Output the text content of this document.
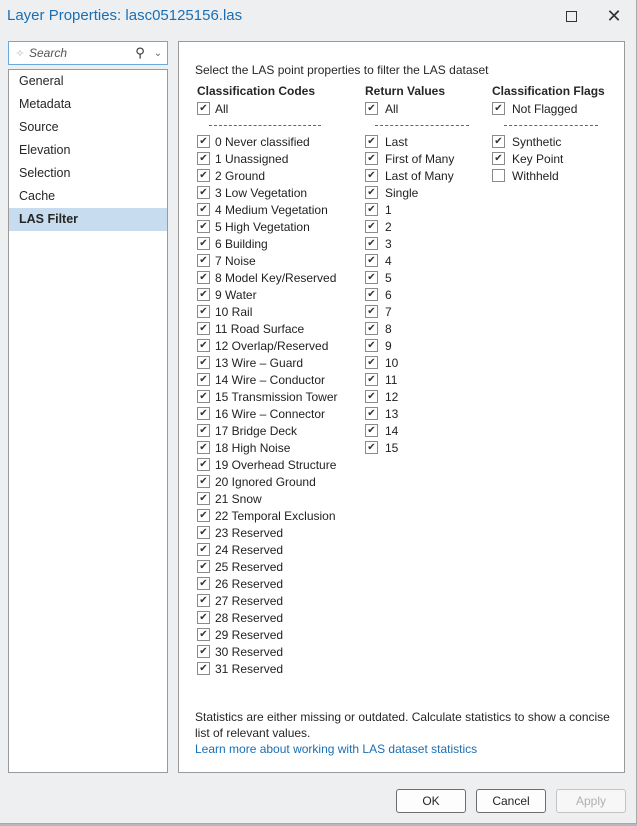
Layer Properties: lasc05125156.las	✕
✧
Search	⚲ ⌄
General
Metadata
Source
Elevation
Selection
Cache
LAS Filter
Select the LAS point properties to filter the LAS dataset
Classification Codes
✔ All
✔ 0 Never classified
✔ 1 Unassigned
✔ 2 Ground
✔ 3 Low Vegetation
✔ 4 Medium Vegetation
✔ 5 High Vegetation
✔ 6 Building
✔ 7 Noise
✔ 8 Model Key/Reserved
✔ 9 Water
✔ 10 Rail
✔ 11 Road Surface
✔ 12 Overlap/Reserved
✔ 13 Wire – Guard
✔ 14 Wire – Conductor
✔ 15 Transmission Tower
✔ 16 Wire – Connector
✔ 17 Bridge Deck
✔ 18 High Noise
✔ 19 Overhead Structure
✔ 20 Ignored Ground
✔ 21 Snow
✔ 22 Temporal Exclusion
✔ 23 Reserved
✔ 24 Reserved
✔ 25 Reserved
✔ 26 Reserved
✔ 27 Reserved
✔ 28 Reserved
✔ 29 Reserved
✔ 30 Reserved
✔ 31 Reserved
Return Values
✔ All
✔ Last
✔ First of Many
✔ Last of Many
✔ Single
✔ 1
✔ 2
✔ 3
✔ 4
✔ 5
✔ 6
✔ 7
✔ 8
✔ 9
✔ 10
✔ 11
✔ 12
✔ 13
✔ 14
✔ 15
Classification Flags
✔ Not Flagged
✔ Synthetic
✔ Key Point
Withheld
Statistics are either missing or outdated. Calculate statistics to show a concise list of relevant values.
Learn more about working with LAS dataset statistics
OK	Cancel	Apply
